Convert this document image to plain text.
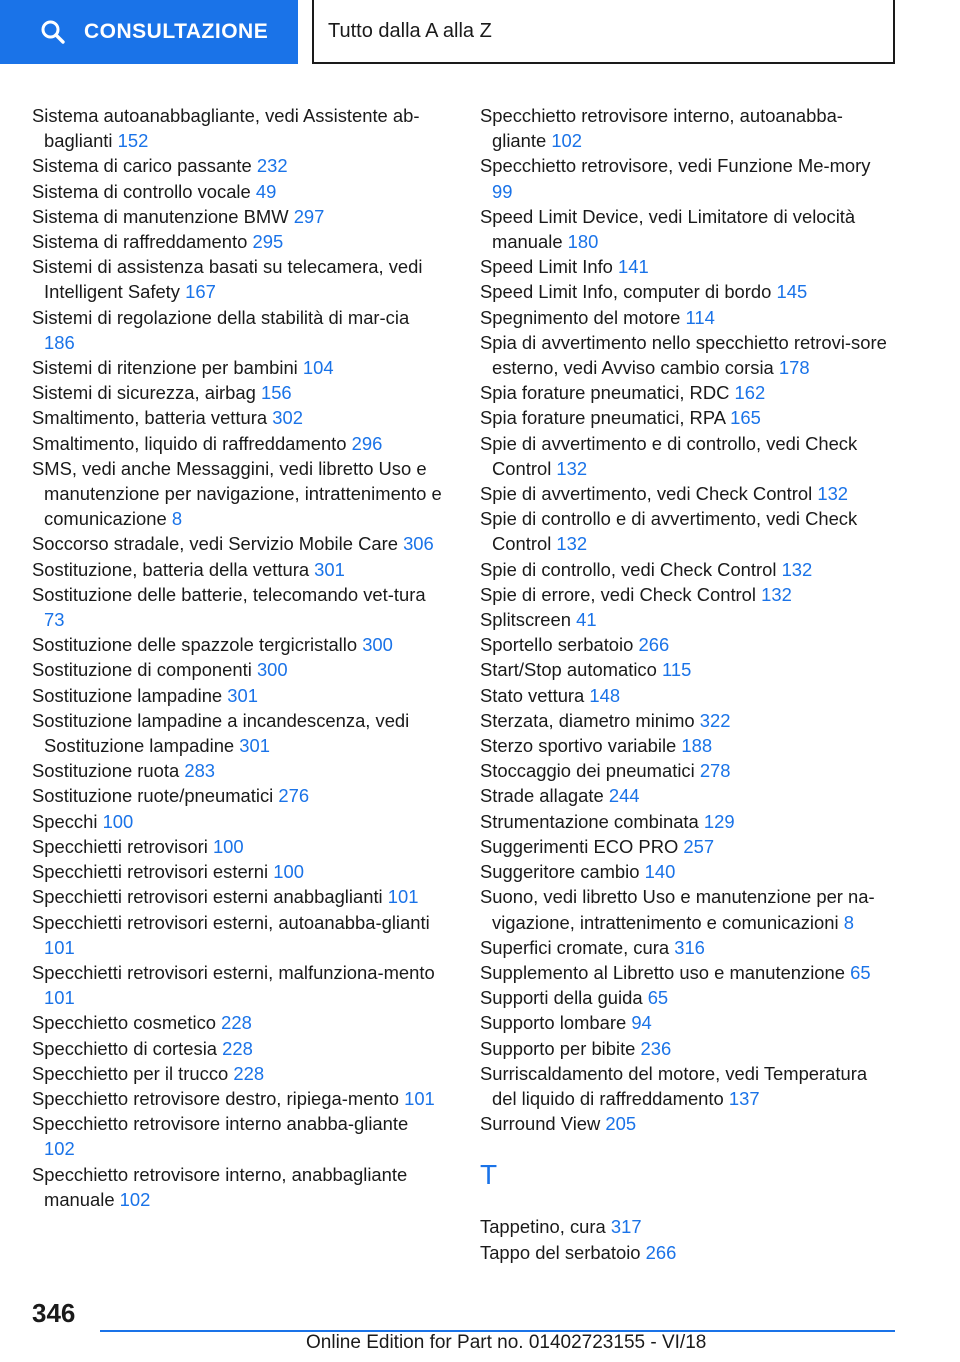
CONSULTAZIONE	Tutto dalla A alla Z

Sistema autoanabbagliante, vedi Assistente ab‐baglianti 152

Sistema di carico passante 232

Sistema di controllo vocale 49

Sistema di manutenzione BMW 297

Sistema di raffreddamento 295

Sistemi di assistenza basati su telecamera, vedi Intelligent Safety 167

Sistemi di regolazione della stabilità di mar‐cia 186

Sistemi di ritenzione per bambini 104

Sistemi di sicurezza, airbag 156

Smaltimento, batteria vettura 302

Smaltimento, liquido di raffreddamento 296

SMS, vedi anche Messaggini, vedi libretto Uso e manutenzione per navigazione, intrattenimento e comunicazione 8

Soccorso stradale, vedi Servizio Mobile Care 306

Sostituzione, batteria della vettura 301

Sostituzione delle batterie, telecomando vet‐tura 73

Sostituzione delle spazzole tergicristallo 300

Sostituzione di componenti 300

Sostituzione lampadine 301

Sostituzione lampadine a incandescenza, vedi Sostituzione lampadine 301

Sostituzione ruota 283

Sostituzione ruote/pneumatici 276

Specchi 100

Specchietti retrovisori 100

Specchietti retrovisori esterni 100

Specchietti retrovisori esterni anabbaglianti 101

Specchietti retrovisori esterni, autoanabba‐glianti 101

Specchietti retrovisori esterni, malfunziona‐mento 101

Specchietto cosmetico 228

Specchietto di cortesia 228

Specchietto per il trucco 228

Specchietto retrovisore destro, ripiega‐mento 101

Specchietto retrovisore interno anabba‐gliante 102

Specchietto retrovisore interno, anabbagliante manuale 102

Specchietto retrovisore interno, autoanabba‐gliante 102

Specchietto retrovisore, vedi Funzione Me‐mory 99

Speed Limit Device, vedi Limitatore di velocità manuale 180

Speed Limit Info 141

Speed Limit Info, computer di bordo 145

Spegnimento del motore 114

Spia di avvertimento nello specchietto retrovi‐sore esterno, vedi Avviso cambio corsia 178

Spia forature pneumatici, RDC 162

Spia forature pneumatici, RPA 165

Spie di avvertimento e di controllo, vedi Check Control 132

Spie di avvertimento, vedi Check Control 132

Spie di controllo e di avvertimento, vedi Check Control 132

Spie di controllo, vedi Check Control 132

Spie di errore, vedi Check Control 132

Splitscreen 41

Sportello serbatoio 266

Start/Stop automatico 115

Stato vettura 148

Sterzata, diametro minimo 322

Sterzo sportivo variabile 188

Stoccaggio dei pneumatici 278

Strade allagate 244

Strumentazione combinata 129

Suggerimenti ECO PRO 257

Suggeritore cambio 140

Suono, vedi libretto Uso e manutenzione per na‐vigazione, intrattenimento e comunicazioni 8

Superfici cromate, cura 316

Supplemento al Libretto uso e manutenzione 65

Supporti della guida 65

Supporto lombare 94

Supporto per bibite 236

Surriscaldamento del motore, vedi Temperatura del liquido di raffreddamento 137

Surround View 205

T

Tappetino, cura 317

Tappo del serbatoio 266

346
Online Edition for Part no. 01402723155 - VI/18
